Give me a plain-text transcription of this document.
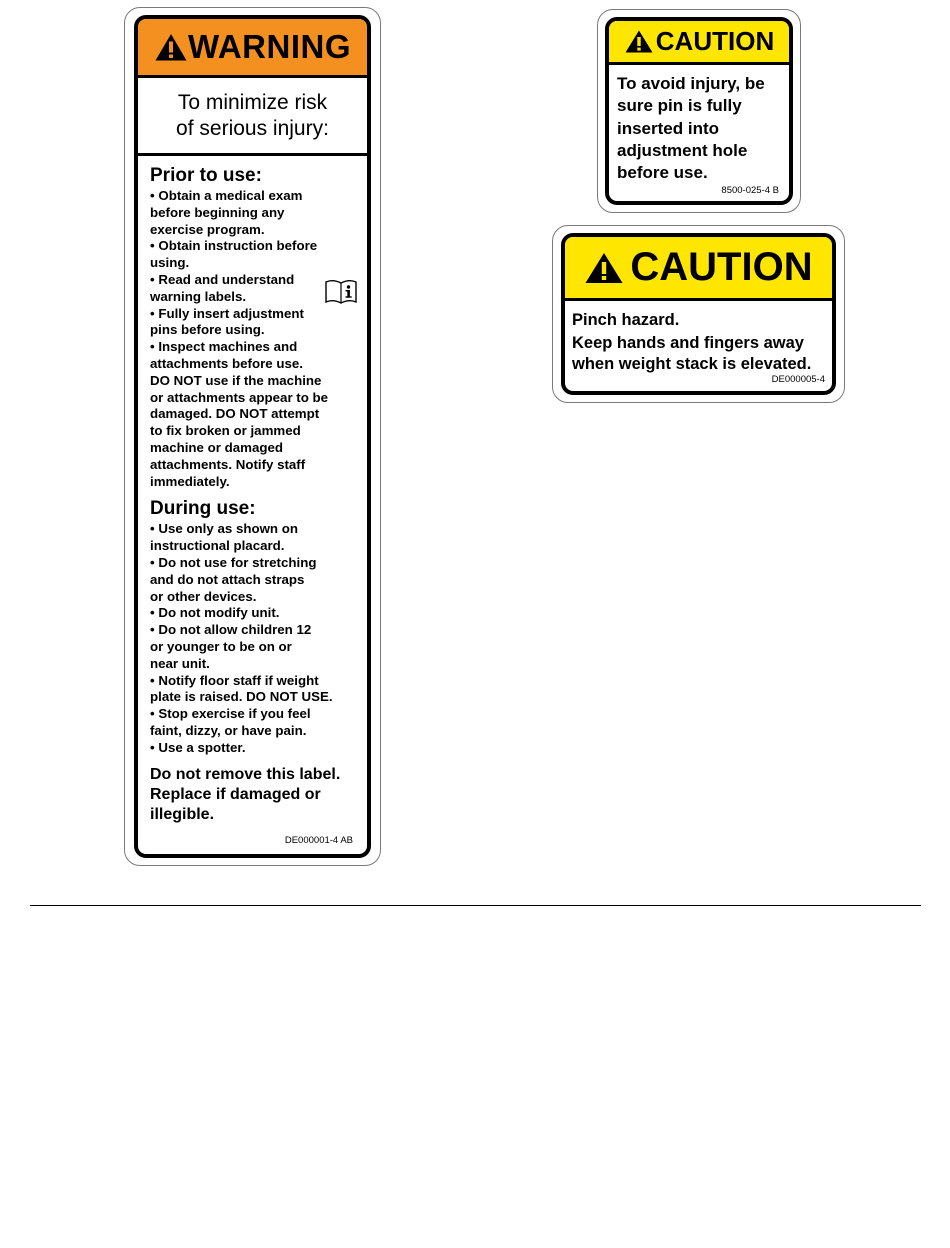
WARNING
To minimize risk
of serious injury:
Prior to use:
• Obtain a medical exam
before beginning any
exercise program.
• Obtain instruction before
using.
• Read and understand
warning labels.
• Fully insert adjustment
pins before using.
• Inspect machines and
attachments before use.
DO NOT use if the machine
or attachments appear to be
damaged. DO NOT attempt
to fix broken or jammed
machine or damaged
attachments. Notify staff
immediately.
During use:
• Use only as shown on
instructional placard.
• Do not use for stretching
and do not attach straps
or other devices.
• Do not modify unit.
• Do not allow children 12
or younger to be on or
near unit.
• Notify floor staff if weight
plate is raised. DO NOT USE.
• Stop exercise if you feel
faint, dizzy, or have pain.
• Use a spotter.
Do not remove this label.
Replace if damaged or
illegible.
DE000001-4 AB
CAUTION
To avoid injury, be
sure pin is fully
inserted into
adjustment hole
before use.
8500-025-4 B
CAUTION
Pinch hazard.
Keep hands and fingers away
when weight stack is elevated.
DE000005-4
